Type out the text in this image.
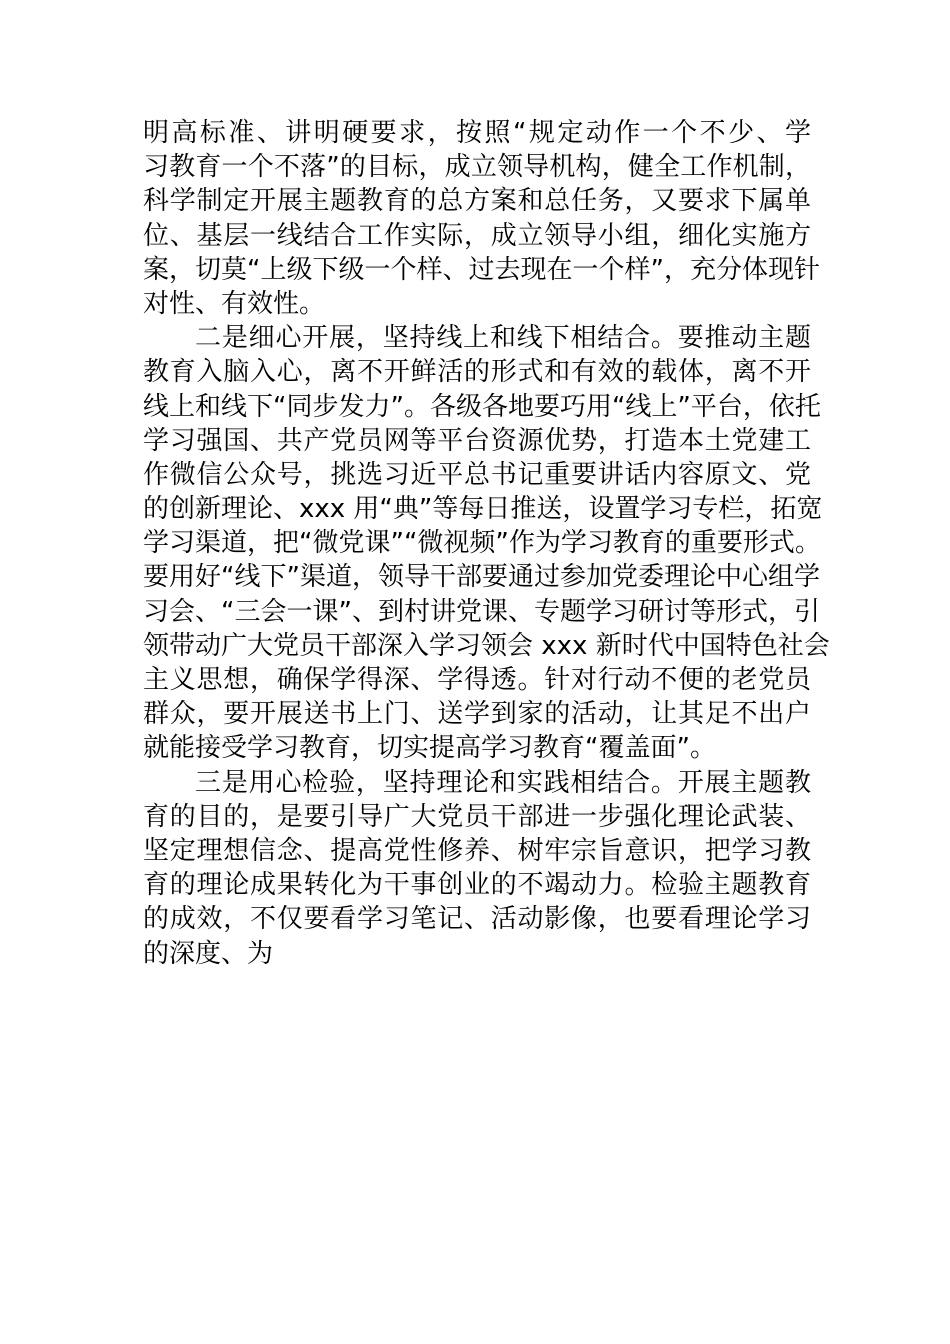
明高标准、讲明硬要求，按照“规定动作一个不少、学
习教育一个不落”的目标，成立领导机构，健全工作机制，
科学制定开展主题教育的总方案和总任务，又要求下属单
位、基层一线结合工作实际，成立领导小组，细化实施方
案，切莫“上级下级一个样、过去现在一个样”，充分体现针
对性、有效性。
二是细心开展，坚持线上和线下相结合。要推动主题
教育入脑入心，离不开鲜活的形式和有效的载体，离不开
线上和线下“同步发力”。各级各地要巧用“线上”平台，依托
学习强国、共产党员网等平台资源优势，打造本土党建工
作微信公众号，挑选习近平总书记重要讲话内容原文、党
的创新理论、xxx 用“典”等每日推送，设置学习专栏，拓宽
学习渠道，把“微党课”“微视频”作为学习教育的重要形式。
要用好“线下”渠道，领导干部要通过参加党委理论中心组学
习会、“三会一课”、到村讲党课、专题学习研讨等形式，引
领带动广大党员干部深入学习领会 xxx 新时代中国特色社会
主义思想，确保学得深、学得透。针对行动不便的老党员
群众，要开展送书上门、送学到家的活动，让其足不出户
就能接受学习教育，切实提高学习教育“覆盖面”。
三是用心检验，坚持理论和实践相结合。开展主题教
育的目的，是要引导广大党员干部进一步强化理论武装、
坚定理想信念、提高党性修养、树牢宗旨意识，把学习教
育的理论成果转化为干事创业的不竭动力。检验主题教育
的成效，不仅要看学习笔记、活动影像，也要看理论学习
的深度、为
